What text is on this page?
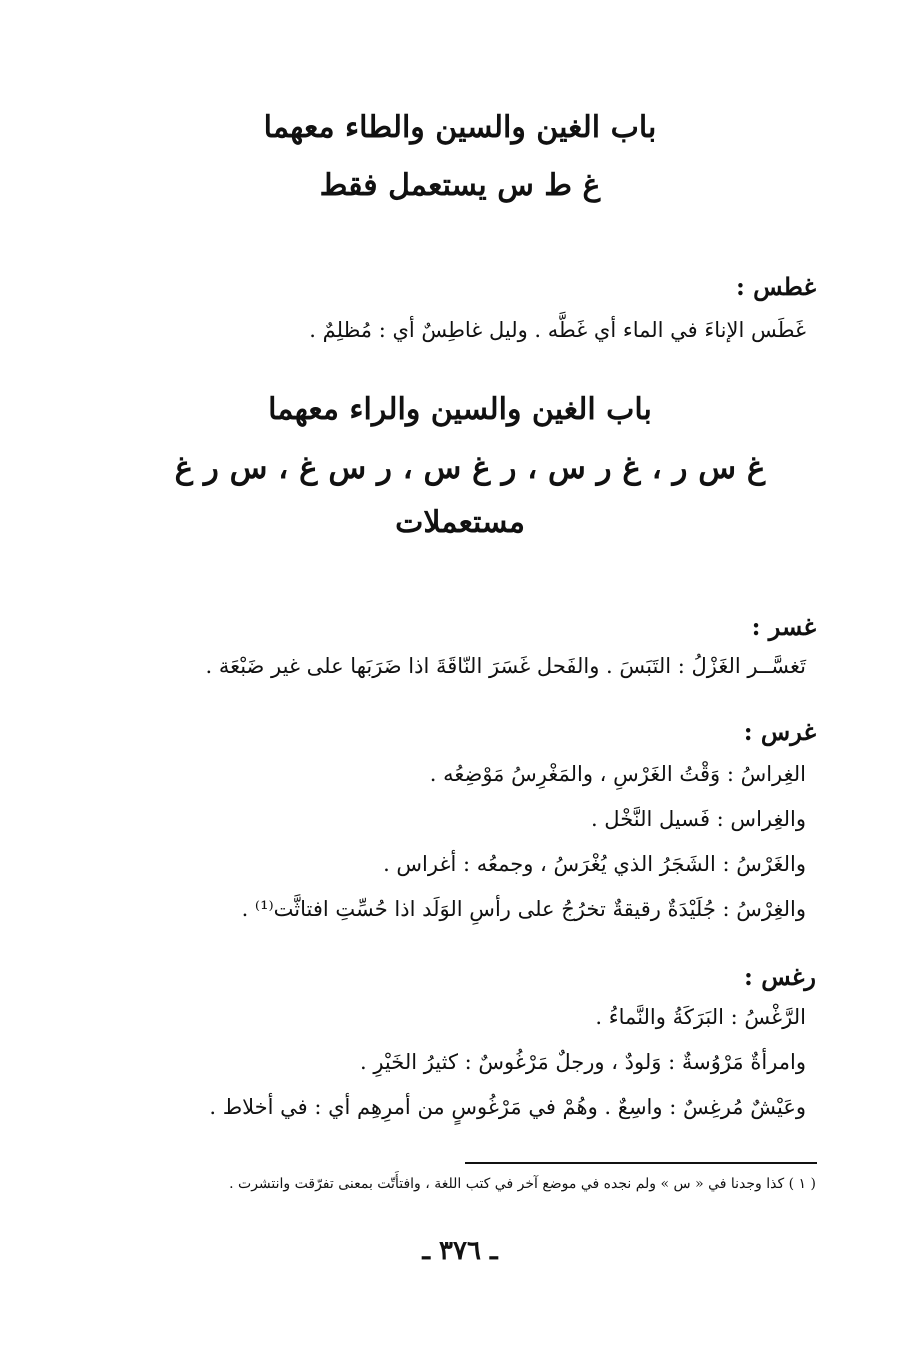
باب الغين والسين والطاء معهما
غ ط س يستعمل فقط
غطس :
غَطَس الإناءَ في الماء أي غَطَّه . وليل غاطِسٌ أي : مُظلِمٌ .
باب الغين والسين والراء معهما
غ س ر ، غ ر س ، ر غ س ، ر س غ ، س ر غ
مستعملات
غسر :
تَغسَّــر الغَزْلُ : التَبَسَ . والفَحل غَسَرَ النّاقَةَ اذا ضَرَبَها على غير ضَبْعَة .
غرس :
الغِراسُ : وَقْتُ الغَرْسِ ، والمَغْرِسُ مَوْضِعُه .
والغِراس : فَسيل النَّخْل .
والغَرْسُ : الشَجَرُ الذي يُغْرَسُ ، وجمعُه : أغراس .
والغِرْسُ : جُلَيْدَةٌ رقيقةٌ تخرُجُ على رأسِ الوَلَد اذا حُسِّتِ افتاثَّت⁽¹⁾ .
رغس :
الرَّغْسُ : البَرَكَةُ والنَّماءُ .
وامرأةٌ مَرْوُسةٌ : وَلودٌ ، ورجلٌ مَرْغُوسٌ : كثيرُ الخَيْرِ .
وعَيْشٌ مُرغِسٌ : واسِعٌ . وهُمْ في مَرْغُوسٍ من أمرِهِم أي : في أخلاط .
( ١ ) كذا وجدنا في « س » ولم نجده في موضع آخر في كتب اللغة ، وافتأَتّت بمعنى تفرّقت وانتشرت .
ـ ٣٧٦ ـ
